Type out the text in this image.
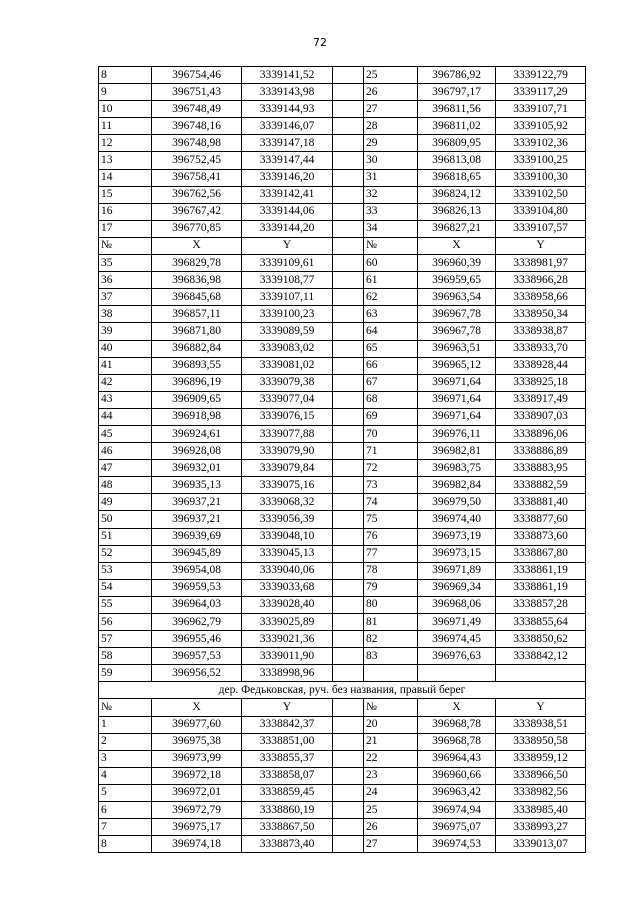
72
8	396754,46	3339141,52		25	396786,92	3339122,79
9	396751,43	3339143,98		26	396797,17	3339117,29
10	396748,49	3339144,93		27	396811,56	3339107,71
11	396748,16	3339146,07		28	396811,02	3339105,92
12	396748,98	3339147,18		29	396809,95	3339102,36
13	396752,45	3339147,44		30	396813,08	3339100,25
14	396758,41	3339146,20		31	396818,65	3339100,30
15	396762,56	3339142,41		32	396824,12	3339102,50
16	396767,42	3339144,06		33	396826,13	3339104,80
17	396770,85	3339144,20		34	396827,21	3339107,57
№	X	Y		№	X	Y
35	396829,78	3339109,61		60	396960,39	3338981,97
36	396836,98	3339108,77		61	396959,65	3338966,28
37	396845,68	3339107,11		62	396963,54	3338958,66
38	396857,11	3339100,23		63	396967,78	3338950,34
39	396871,80	3339089,59		64	396967,78	3338938,87
40	396882,84	3339083,02		65	396963,51	3338933,70
41	396893,55	3339081,02		66	396965,12	3338928,44
42	396896,19	3339079,38		67	396971,64	3338925,18
43	396909,65	3339077,04		68	396971,64	3338917,49
44	396918,98	3339076,15		69	396971,64	3338907,03
45	396924,61	3339077,88		70	396976,11	3338896,06
46	396928,08	3339079,90		71	396982,81	3338886,89
47	396932,01	3339079,84		72	396983,75	3338883,95
48	396935,13	3339075,16		73	396982,84	3338882,59
49	396937,21	3339068,32		74	396979,50	3338881,40
50	396937,21	3339056,39		75	396974,40	3338877,60
51	396939,69	3339048,10		76	396973,19	3338873,60
52	396945,89	3339045,13		77	396973,15	3338867,80
53	396954,08	3339040,06		78	396971,89	3338861,19
54	396959,53	3339033,68		79	396969,34	3338861,19
55	396964,03	3339028,40		80	396968,06	3338857,28
56	396962,79	3339025,89		81	396971,49	3338855,64
57	396955,46	3339021,36		82	396974,45	3338850,62
58	396957,53	3339011,90		83	396976,63	3338842,12
59	396956,52	3338998,96				
дер. Федьковская, руч. без названия, правый берег						
№	X	Y		№	X	Y
1	396977,60	3338842,37		20	396968,78	3338938,51
2	396975,38	3338851,00		21	396968,78	3338950,58
3	396973,99	3338855,37		22	396964,43	3338959,12
4	396972,18	3338858,07		23	396960,66	3338966,50
5	396972,01	3338859,45		24	396963,42	3338982,56
6	396972,79	3338860,19		25	396974,94	3338985,40
7	396975,17	3338867,50		26	396975,07	3338993,27
8	396974,18	3338873,40		27	396974,53	3339013,07
